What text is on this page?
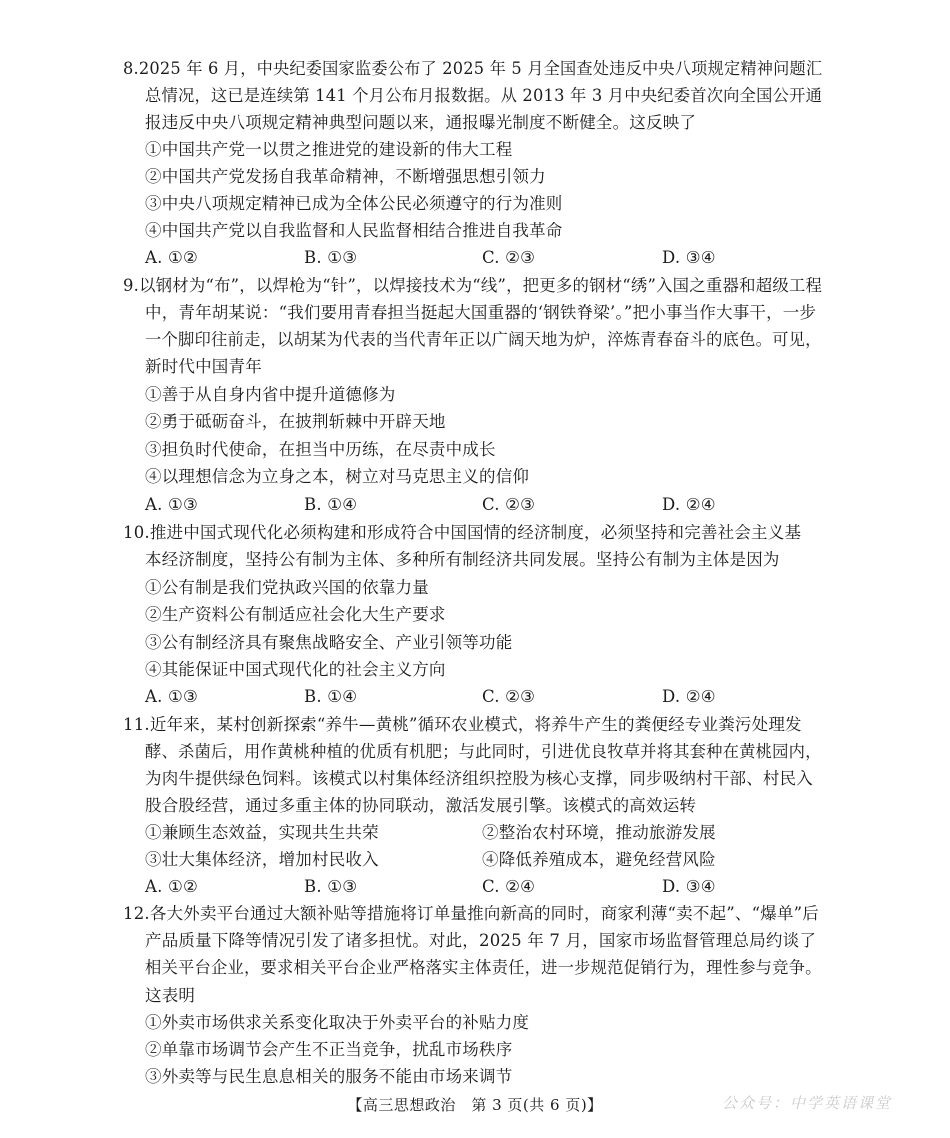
8.2025 年 6 月，中央纪委国家监委公布了 2025 年 5 月全国查处违反中央八项规定精神问题汇
总情况，这已是连续第 141 个月公布月报数据。从 2013 年 3 月中央纪委首次向全国公开通
报违反中央八项规定精神典型问题以来，通报曝光制度不断健全。这反映了
①中国共产党一以贯之推进党的建设新的伟大工程
②中国共产党发扬自我革命精神，不断增强思想引领力
③中央八项规定精神已成为全体公民必须遵守的行为准则
④中国共产党以自我监督和人民监督相结合推进自我革命
A. ①②	B. ①③	C. ②③	D. ③④
9.以钢材为“布”，以焊枪为“针”，以焊接技术为“线”，把更多的钢材“绣”入国之重器和超级工程
中，青年胡某说：“我们要用青春担当挺起大国重器的‘钢铁脊梁’。”把小事当作大事干，一步
一个脚印往前走，以胡某为代表的当代青年正以广阔天地为炉，淬炼青春奋斗的底色。可见，
新时代中国青年
①善于从自身内省中提升道德修为
②勇于砥砺奋斗，在披荆斩棘中开辟天地
③担负时代使命，在担当中历练，在尽责中成长
④以理想信念为立身之本，树立对马克思主义的信仰
A. ①③	B. ①④	C. ②③	D. ②④
10.推进中国式现代化必须构建和形成符合中国国情的经济制度，必须坚持和完善社会主义基
本经济制度，坚持公有制为主体、多种所有制经济共同发展。坚持公有制为主体是因为
①公有制是我们党执政兴国的依靠力量
②生产资料公有制适应社会化大生产要求
③公有制经济具有聚焦战略安全、产业引领等功能
④其能保证中国式现代化的社会主义方向
A. ①③	B. ①④	C. ②③	D. ②④
11.近年来，某村创新探索“养牛—黄桃”循环农业模式，将养牛产生的粪便经专业粪污处理发
酵、杀菌后，用作黄桃种植的优质有机肥；与此同时，引进优良牧草并将其套种在黄桃园内，
为肉牛提供绿色饲料。该模式以村集体经济组织控股为核心支撑，同步吸纳村干部、村民入
股合股经营，通过多重主体的协同联动，激活发展引擎。该模式的高效运转
①兼顾生态效益，实现共生共荣	②整治农村环境，推动旅游发展
③壮大集体经济，增加村民收入	④降低养殖成本，避免经营风险
A. ①②	B. ①③	C. ②④	D. ③④
12.各大外卖平台通过大额补贴等措施将订单量推向新高的同时，商家利薄“卖不起”、“爆单”后
产品质量下降等情况引发了诸多担忧。对此，2025 年 7 月，国家市场监督管理总局约谈了
相关平台企业，要求相关平台企业严格落实主体责任，进一步规范促销行为，理性参与竞争。
这表明
①外卖市场供求关系变化取决于外卖平台的补贴力度
②单靠市场调节会产生不正当竞争，扰乱市场秩序
③外卖等与民生息息相关的服务不能由市场来调节
【高三思想政治　第 3 页(共 6 页)】	公众号：中学英语课堂
